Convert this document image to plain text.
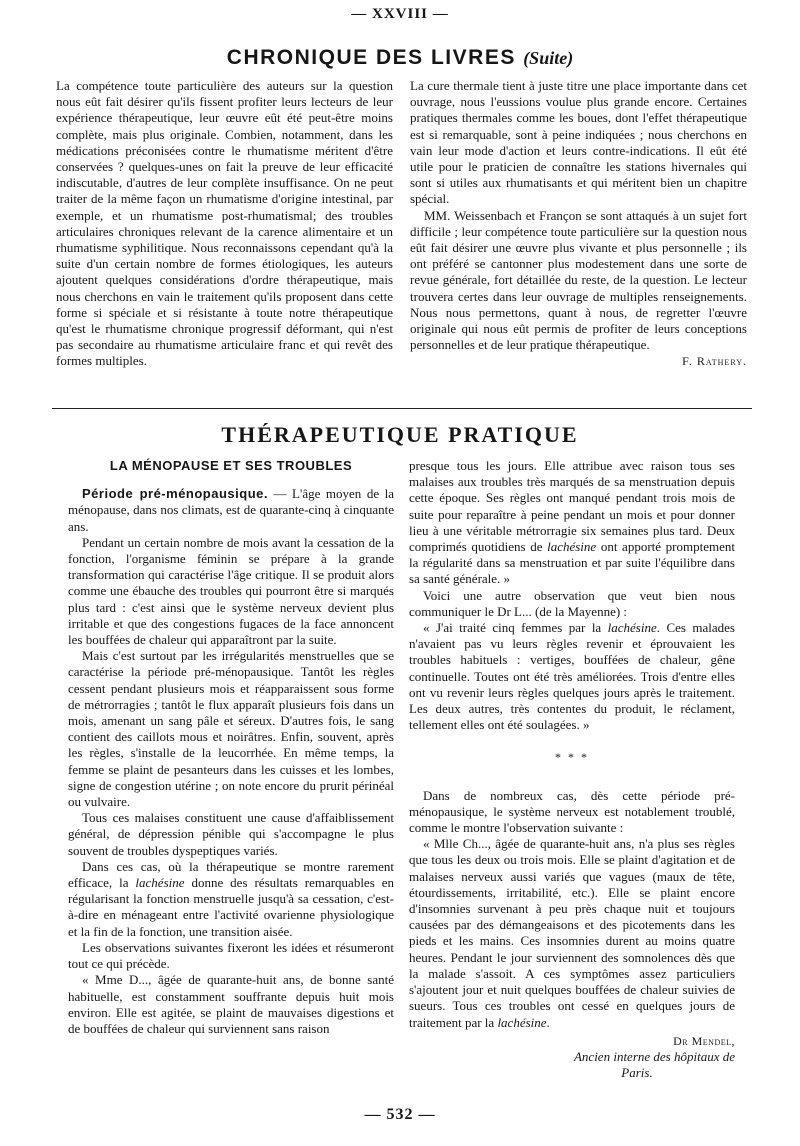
— XXVIII —
CHRONIQUE DES LIVRES (Suite)

La compétence toute particulière des auteurs sur la question nous eût fait désirer qu'ils fissent profiter leurs lecteurs de leur expérience thérapeutique, leur œuvre eût été peut-être moins complète, mais plus originale. Combien, notamment, dans les médications préconisées contre le rhumatisme méritent d'être conservées ? quelques-unes on fait la preuve de leur efficacité indiscutable, d'autres de leur complète insuffisance. On ne peut traiter de la même façon un rhumatisme d'origine intestinal, par exemple, et un rhumatisme post-rhumatismal; des troubles articulaires chroniques relevant de la carence alimentaire et un rhumatisme syphilitique. Nous reconnaissons cependant qu'à la suite d'un certain nombre de formes étiologiques, les auteurs ajoutent quelques considérations d'ordre thérapeutique, mais nous cherchons en vain le traitement qu'ils proposent dans cette forme si spéciale et si résistante à toute notre thérapeutique qu'est le rhumatisme chronique progressif déformant, qui n'est pas secondaire au rhumatisme articulaire franc et qui revêt des formes multiples.

La cure thermale tient à juste titre une place importante dans cet ouvrage, nous l'eussions voulue plus grande encore. Certaines pratiques thermales comme les boues, dont l'effet thérapeutique est si remarquable, sont à peine indiquées ; nous cherchons en vain leur mode d'action et leurs contre-indications. Il eût été utile pour le praticien de connaître les stations hivernales qui sont si utiles aux rhumatisants et qui méritent bien un chapitre spécial.

MM. Weissenbach et Françon se sont attaqués à un sujet fort difficile ; leur compétence toute particulière sur la question nous eût fait désirer une œuvre plus vivante et plus personnelle ; ils ont préféré se cantonner plus modestement dans une sorte de revue générale, fort détaillée du reste, de la question. Le lecteur trouvera certes dans leur ouvrage de multiples renseignements. Nous nous permettons, quant à nous, de regretter l'œuvre originale qui nous eût permis de profiter de leurs conceptions personnelles et de leur pratique thérapeutique.

F. Rathery.

THÉRAPEUTIQUE PRATIQUE

LA MÉNOPAUSE ET SES TROUBLES

Période pré-ménopausique. — L'âge moyen de la ménopause, dans nos climats, est de quarante-cinq à cinquante ans.

Pendant un certain nombre de mois avant la cessation de la fonction, l'organisme féminin se prépare à la grande transformation qui caractérise l'âge critique. Il se produit alors comme une ébauche des troubles qui pourront être si marqués plus tard : c'est ainsi que le système nerveux devient plus irritable et que des congestions fugaces de la face annoncent les bouffées de chaleur qui apparaîtront par la suite.

Mais c'est surtout par les irrégularités menstruelles que se caractérise la période pré-ménopausique. Tantôt les règles cessent pendant plusieurs mois et réapparaissent sous forme de métrorragies ; tantôt le flux apparaît plusieurs fois dans un mois, amenant un sang pâle et séreux. D'autres fois, le sang contient des caillots mous et noirâtres. Enfin, souvent, après les règles, s'installe de la leucorrhée. En même temps, la femme se plaint de pesanteurs dans les cuisses et les lombes, signe de congestion utérine ; on note encore du prurit périnéal ou vulvaire.

Tous ces malaises constituent une cause d'affaiblissement général, de dépression pénible qui s'accompagne le plus souvent de troubles dyspeptiques variés.

Dans ces cas, où la thérapeutique se montre rarement efficace, la lachésine donne des résultats remarquables en régularisant la fonction menstruelle jusqu'à sa cessation, c'est-à-dire en ménageant entre l'activité ovarienne physiologique et la fin de la fonction, une transition aisée.

Les observations suivantes fixeront les idées et résumeront tout ce qui précède.

« Mme D..., âgée de quarante-huit ans, de bonne santé habituelle, est constamment souffrante depuis huit mois environ. Elle est agitée, se plaint de mauvaises digestions et de bouffées de chaleur qui surviennent sans raison

presque tous les jours. Elle attribue avec raison tous ses malaises aux troubles très marqués de sa menstruation depuis cette époque. Ses règles ont manqué pendant trois mois de suite pour reparaître à peine pendant un mois et pour donner lieu à une véritable métrorragie six semaines plus tard. Deux comprimés quotidiens de lachésine ont apporté promptement la régularité dans sa menstruation et par suite l'équilibre dans sa santé générale. »

Voici une autre observation que veut bien nous communiquer le Dr L... (de la Mayenne) :

« J'ai traité cinq femmes par la lachésine. Ces malades n'avaient pas vu leurs règles revenir et éprouvaient les troubles habituels : vertiges, bouffées de chaleur, gêne continuelle. Toutes ont été très améliorées. Trois d'entre elles ont vu revenir leurs règles quelques jours après le traitement. Les deux autres, très contentes du produit, le réclament, tellement elles ont été soulagées. »

* * *

Dans de nombreux cas, dès cette période pré-ménopausique, le système nerveux est notablement troublé, comme le montre l'observation suivante :

« Mlle Ch..., âgée de quarante-huit ans, n'a plus ses règles que tous les deux ou trois mois. Elle se plaint d'agitation et de malaises nerveux aussi variés que vagues (maux de tête, étourdissements, irritabilité, etc.). Elle se plaint encore d'insomnies survenant à peu près chaque nuit et toujours causées par des démangeaisons et des picotements dans les pieds et les mains. Ces insomnies durent au moins quatre heures. Pendant le jour surviennent des somnolences dès que la malade s'assoit. A ces symptômes assez particuliers s'ajoutent jour et nuit quelques bouffées de chaleur suivies de sueurs. Tous ces troubles ont cessé en quelques jours de traitement par la lachésine.

Dr Mendel,

Ancien interne des hôpitaux de

Paris.

— 532 —
